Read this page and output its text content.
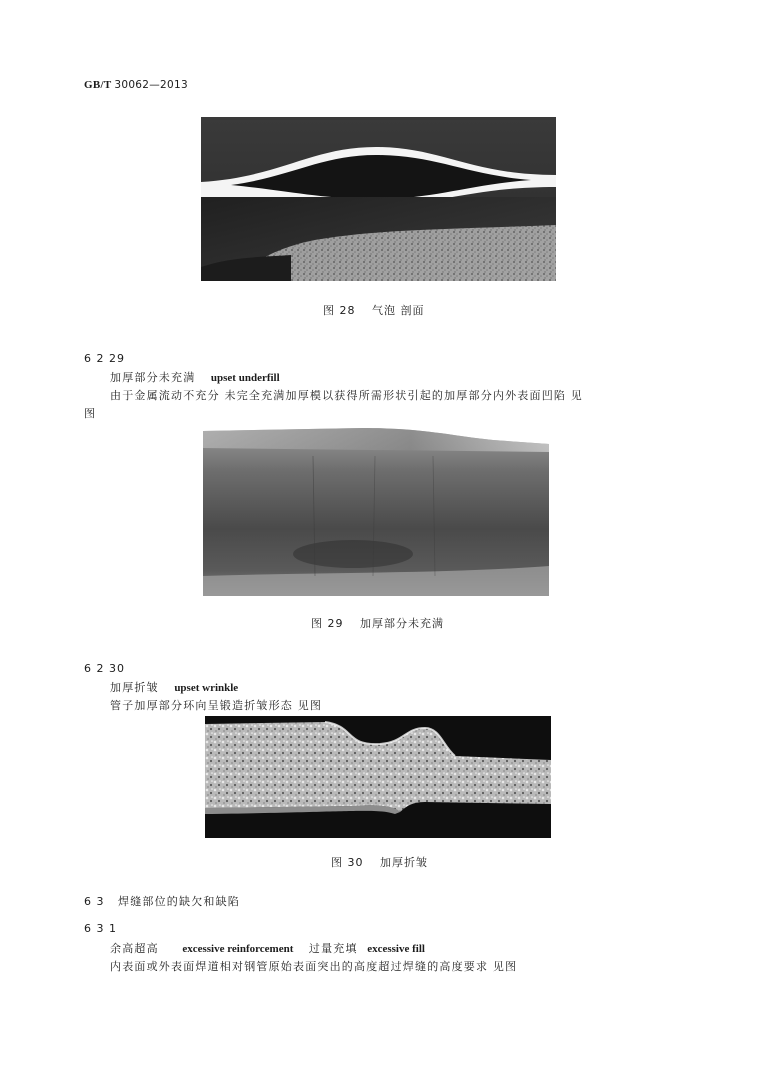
GB/T 30062—2013
图 28　 气泡 剖面
6 2 29
加厚部分未充满 upset underfill
由于金属流动不充分 未完全充满加厚模以获得所需形状引起的加厚部分内外表面凹陷 见
图
图 29　 加厚部分未充满
6 2 30
加厚折皱 upset wrinkle
管子加厚部分环向呈锻造折皱形态 见图
图 30　 加厚折皱
6 3 焊缝部位的缺欠和缺陷
6 3 1
余高超高 excessive reinforcement 过量充填 excessive fill
内表面或外表面焊道相对钢管原始表面突出的高度超过焊缝的高度要求 见图
